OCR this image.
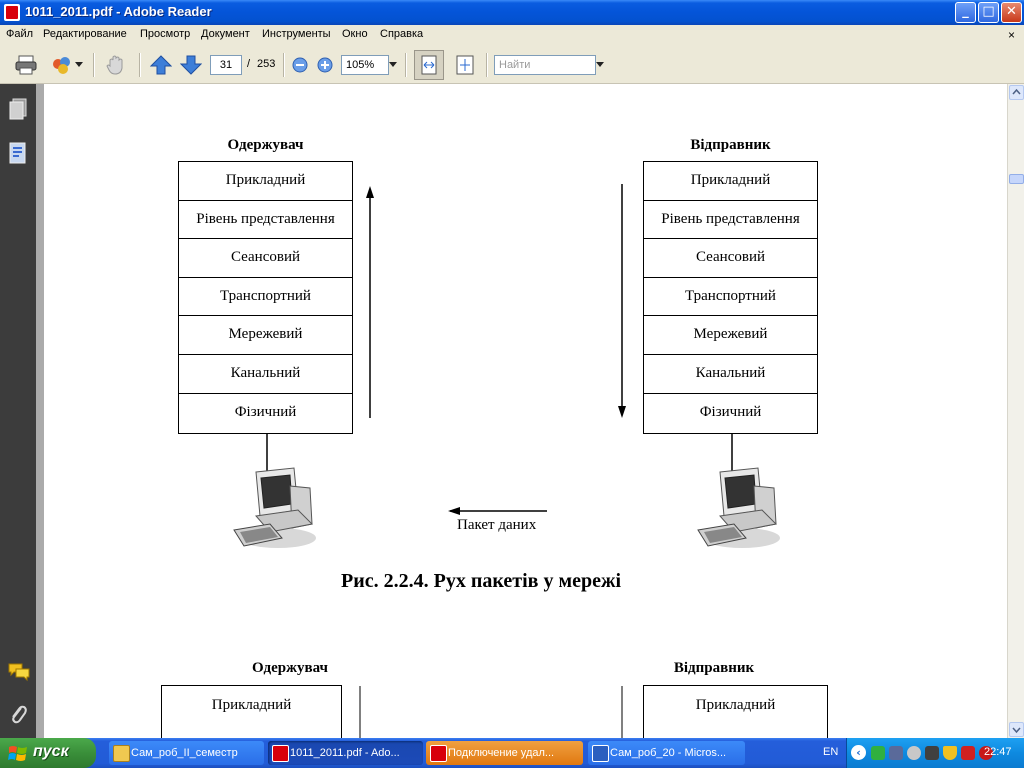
1011_2011.pdf - Adobe Reader	_	□ ✕
Файл Редактирование Просмотр Документ Инструменты Окно Справка	×
31	/ 253	105%	Найти
Одержувач
Прикладний
Рівень представлення
Сеансовий
Транспортний
Мережевий
Канальний
Фізичний
Відправник
Прикладний
Рівень представлення
Сеансовий
Транспортний
Мережевий
Канальний
Фізичний
Пакет даних
Рис. 2.2.4. Рух пакетів у мережі
Одержувач
Прикладний
Відправник
Прикладний
пуск	Сам_роб_II_семестр	1011_2011.pdf - Ado...	Подключение удал...	Сам_роб_20 - Micros...	EN	‹	22:47
